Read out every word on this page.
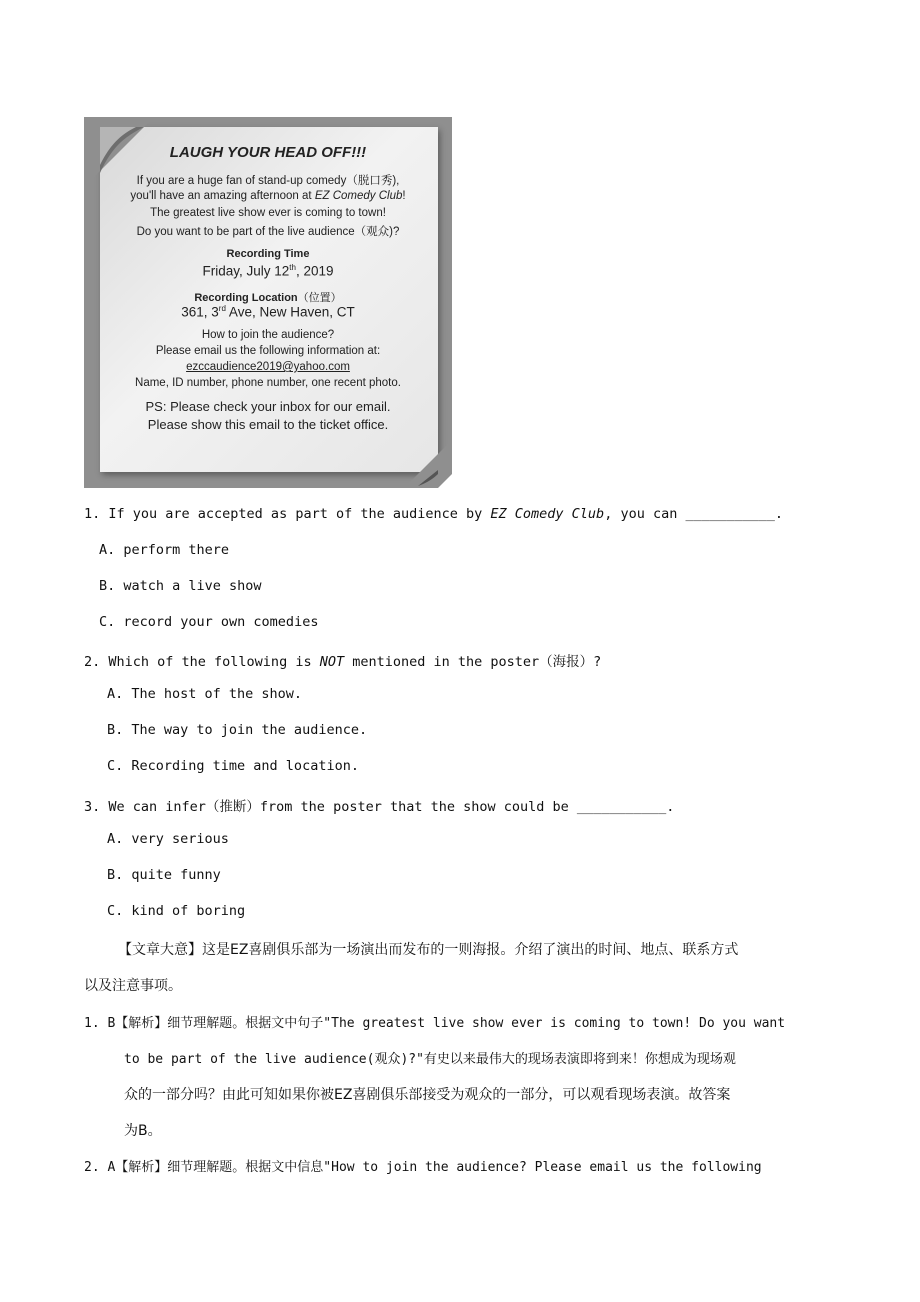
LAUGH YOUR HEAD OFF!!!
If you are a huge fan of stand-up comedy（脱口秀),
you'll have an amazing afternoon at EZ Comedy Club!
The greatest live show ever is coming to town!
Do you want to be part of the live audience（观众)?
Recording Time
Friday, July 12th, 2019
Recording Location（位置）
361, 3rd Ave, New Haven, CT
How to join the audience?
Please email us the following information at:
ezccaudience2019@yahoo.com
Name, ID number, phone number, one recent photo.
PS: Please check your inbox for our email.
Please show this email to the ticket office.
1. If you are accepted as part of the audience by EZ Comedy Club, you can ___________.
A. perform there
B. watch a live show
C. record your own comedies
2. Which of the following is NOT mentioned in the poster（海报）?
A. The host of the show.
B. The way to join the audience.
C. Recording time and location.
3. We can infer（推断）from the poster that the show could be ___________.
A. very serious
B. quite funny
C. kind of boring
【文章大意】这是EZ喜剧俱乐部为一场演出而发布的一则海报。介绍了演出的时间、地点、联系方式
以及注意事项。
1. B【解析】细节理解题。根据文中句子"The greatest live show ever is coming to town! Do you want
to be part of the live audience(观众)?"有史以来最伟大的现场表演即将到来！你想成为现场观
众的一部分吗？由此可知如果你被EZ喜剧俱乐部接受为观众的一部分，可以观看现场表演。故答案
为B。
2. A【解析】细节理解题。根据文中信息"How to join the audience? Please email us the following
